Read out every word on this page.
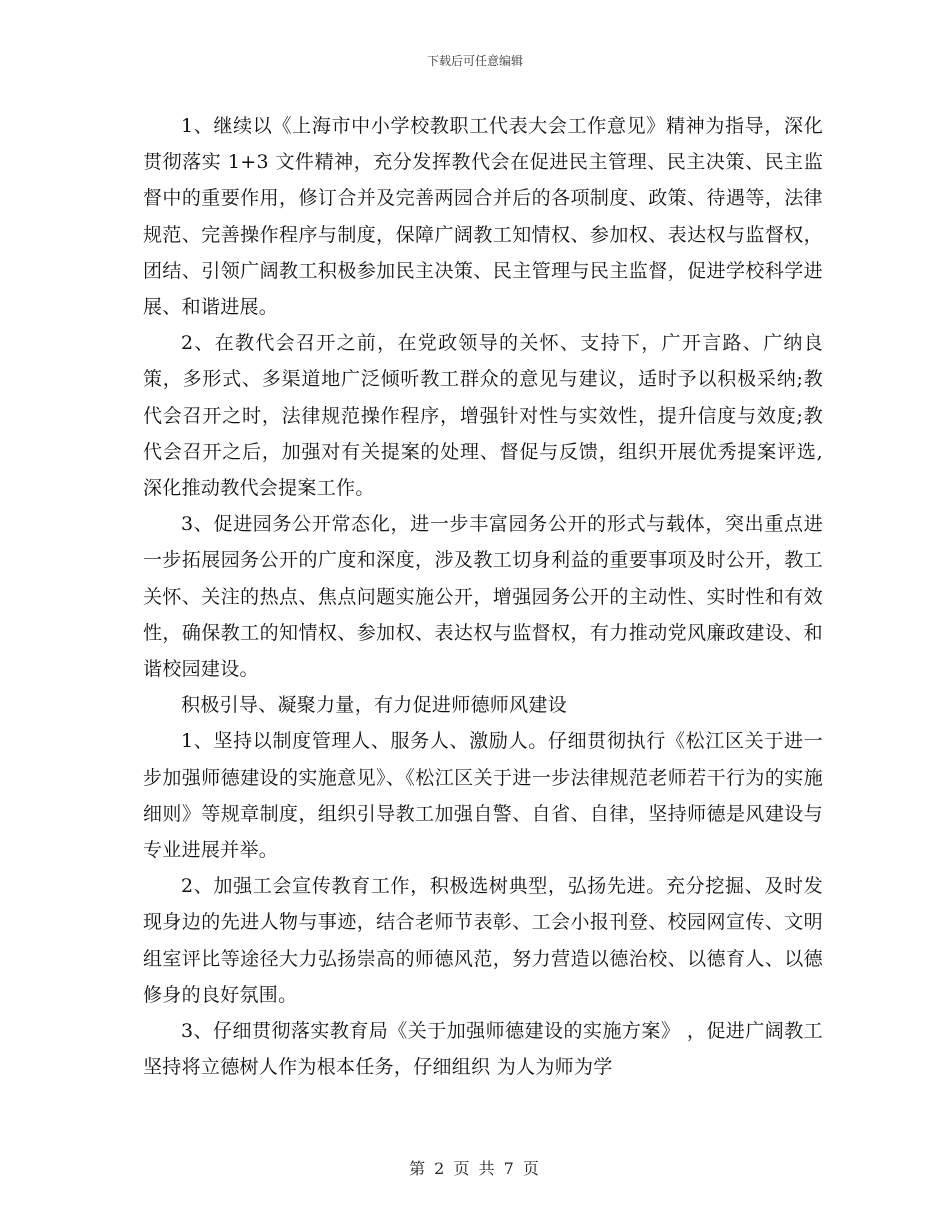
下载后可任意编辑

1、继续以《上海市中小学校教职工代表大会工作意见》精神为指导，深化贯彻落实 1+3 文件精神，充分发挥教代会在促进民主管理、民主决策、民主监督中的重要作用，修订合并及完善两园合并后的各项制度、政策、待遇等，法律规范、完善操作程序与制度，保障广阔教工知情权、参加权、表达权与监督权，团结、引领广阔教工积极参加民主决策、民主管理与民主监督，促进学校科学进展、和谐进展。

2、在教代会召开之前，在党政领导的关怀、支持下，广开言路、广纳良策，多形式、多渠道地广泛倾听教工群众的意见与建议，适时予以积极采纳;教代会召开之时，法律规范操作程序，增强针对性与实效性，提升信度与效度;教代会召开之后，加强对有关提案的处理、督促与反馈，组织开展优秀提案评选,深化推动教代会提案工作。

3、促进园务公开常态化，进一步丰富园务公开的形式与载体，突出重点进一步拓展园务公开的广度和深度，涉及教工切身利益的重要事项及时公开，教工关怀、关注的热点、焦点问题实施公开，增强园务公开的主动性、实时性和有效性，确保教工的知情权、参加权、表达权与监督权，有力推动党风廉政建设、和谐校园建设。

积极引导、凝聚力量，有力促进师德师风建设

1、坚持以制度管理人、服务人、激励人。仔细贯彻执行《松江区关于进一步加强师德建设的实施意见》、《松江区关于进一步法律规范老师若干行为的实施细则》等规章制度，组织引导教工加强自警、自省、自律，坚持师德是风建设与专业进展并举。

2、加强工会宣传教育工作，积极选树典型，弘扬先进。充分挖掘、及时发现身边的先进人物与事迹，结合老师节表彰、工会小报刊登、校园网宣传、文明组室评比等途径大力弘扬崇高的师德风范，努力营造以德治校、以德育人、以德修身的良好氛围。

3、仔细贯彻落实教育局《关于加强师德建设的实施方案》 ，促进广阔教工坚持将立德树人作为根本任务，仔细组织 为人为师为学

第 2 页 共 7 页
